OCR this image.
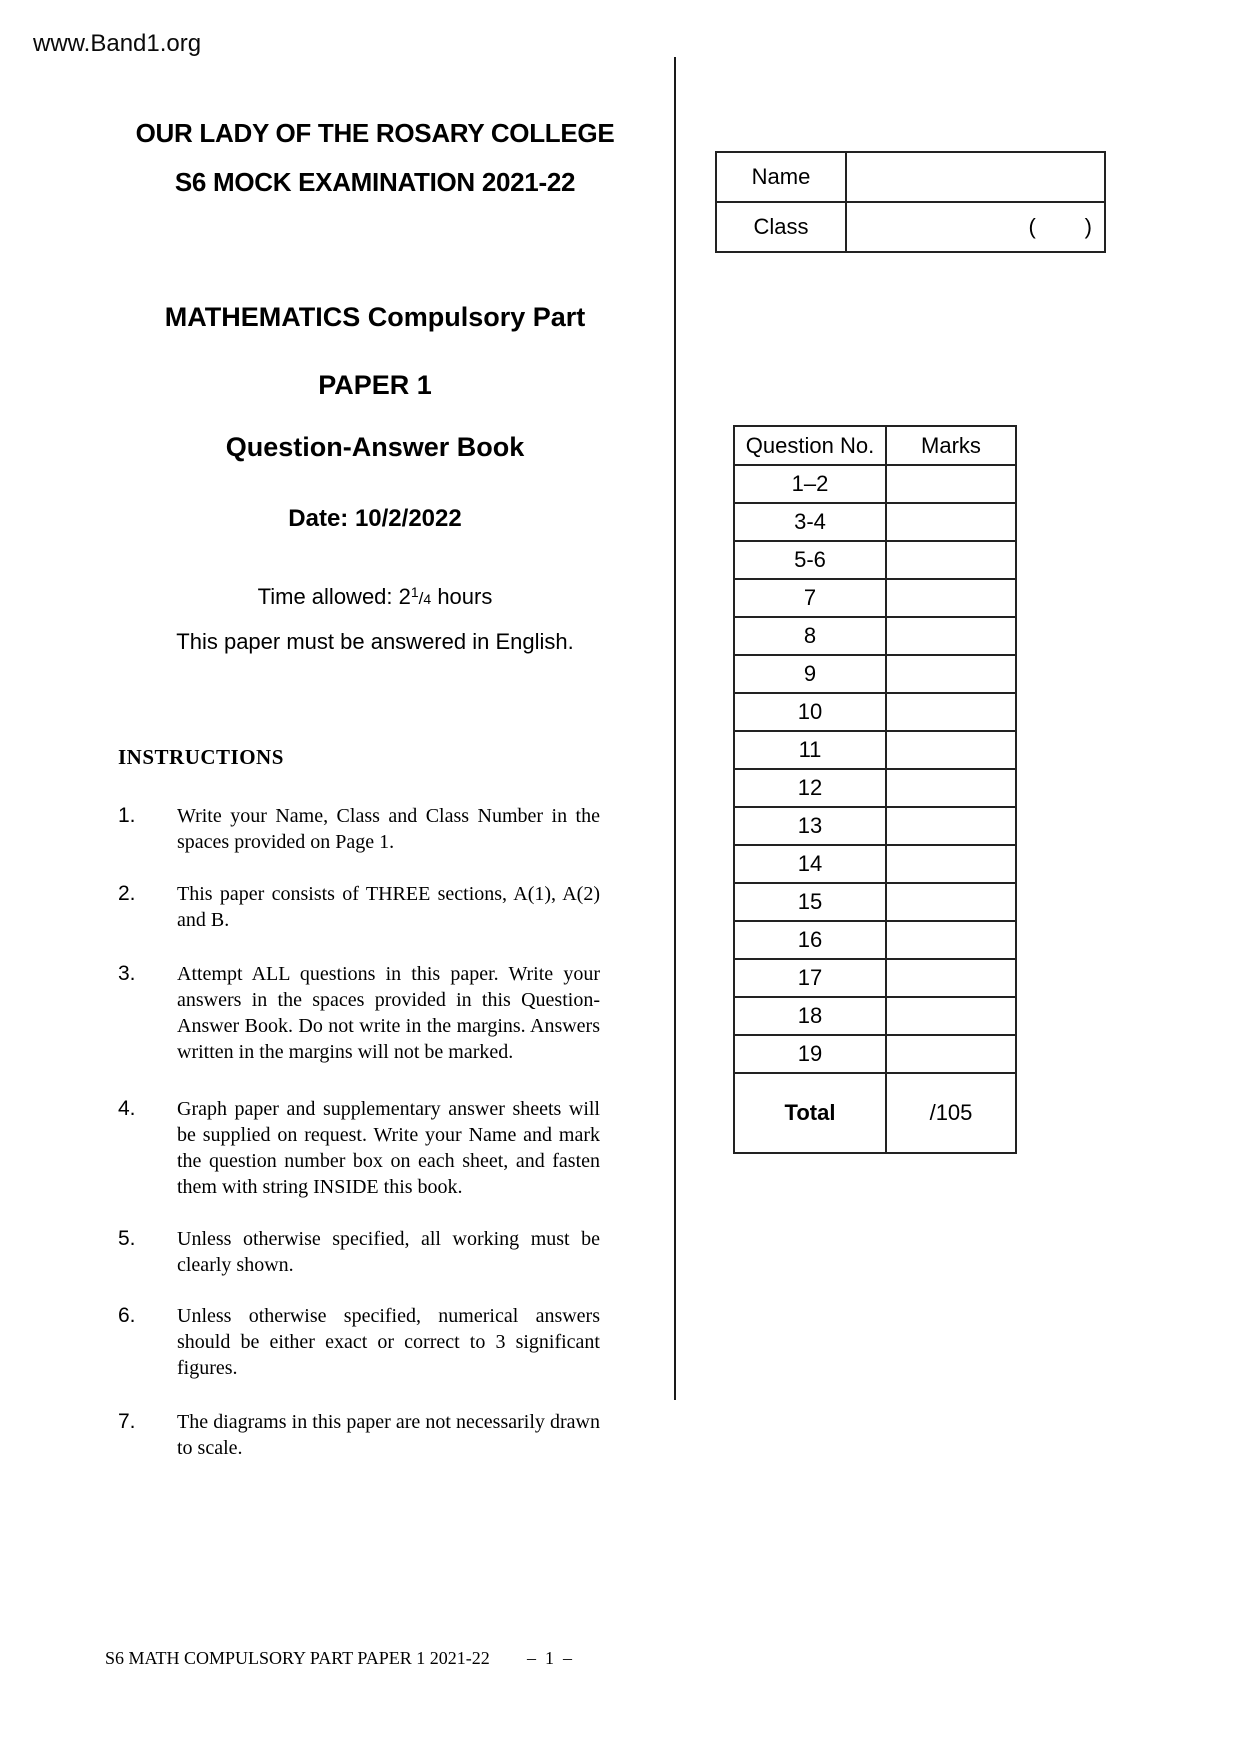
www.Band1.org
OUR LADY OF THE ROSARY COLLEGE
S6 MOCK EXAMINATION 2021-22
MATHEMATICS Compulsory Part
PAPER 1
Question-Answer Book
Date: 10/2/2022
Time allowed: $2^1/4$ hours
This paper must be answered in English.
Name	
Class	(        )
INSTRUCTIONS
1. Write your Name, Class and Class Number in the spaces provided on Page 1.
2. This paper consists of THREE sections, A(1), A(2) and B.
3. Attempt ALL questions in this paper. Write your answers in the spaces provided in this Question-Answer Book. Do not write in the margins. Answers written in the margins will not be marked.
4. Graph paper and supplementary answer sheets will be supplied on request. Write your Name and mark the question number box on each sheet, and fasten them with string INSIDE this book.
5. Unless otherwise specified, all working must be clearly shown.
6. Unless otherwise specified, numerical answers should be either exact or correct to 3 significant figures.
7. The diagrams in this paper are not necessarily drawn to scale.
Question No.	Marks
1–2	
3-4	
5-6	
7	
8	
9	
10	
11	
12	
13	
14	
15	
16	
17	
18	
19	
Total	/105
S6 MATH COMPULSORY PART PAPER 1 2021-22 –  1  –
